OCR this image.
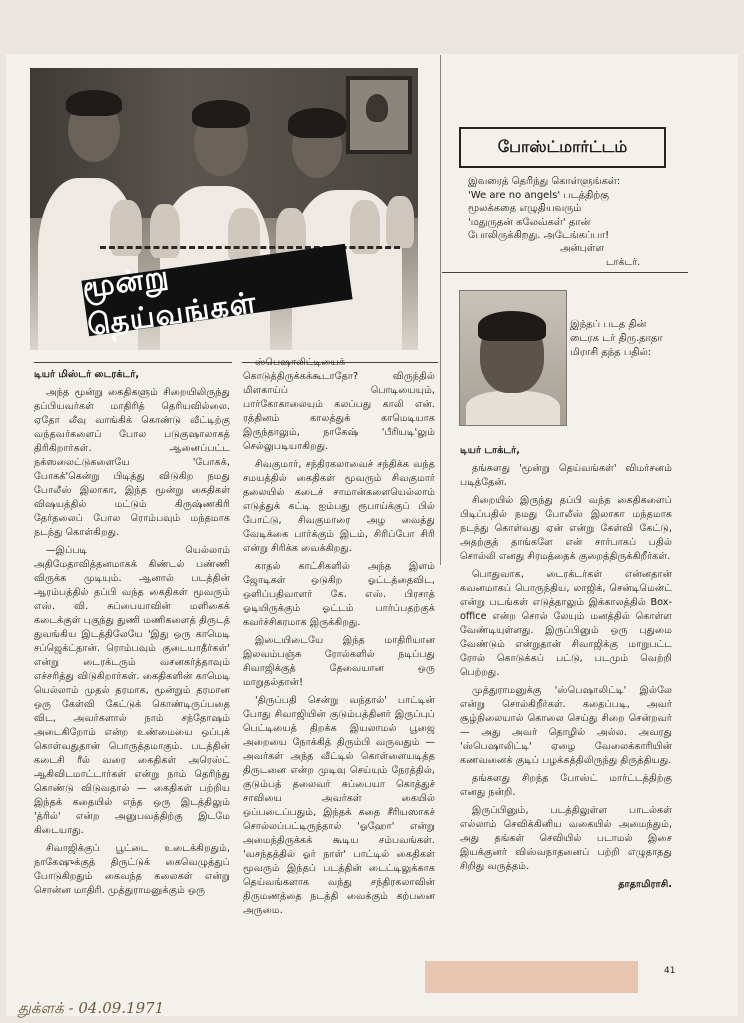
மூன்று தெய்வங்கள்
போஸ்ட்மார்ட்டம்
இவரைத் தெரிந்து கொள்ளுங்கள்:
'We are no angels' படத்திற்கு
மூலக்கதை எழுதியவரும்
'மதுருதன் கலேவ்கள்' தான்
போலிருக்கிறது. அடேங்கப்பா!
அன்புள்ள
டாக்டர்.
இந்தப் படத தின் டைரக டர் திரு.தாதா மிராசி தந்த பதில்:

டியர் மிஸ்டர் டைரக்டர்,

அந்த மூன்று கைதிகளும் சிறையிலிருந்து தப்பியவர்கள் மாதிரித் தெரியவில்லை. ஏதோ லீவு வாங்கிக் கொண்டு வீட்டிற்கு வந்தவர்களைப் போல படுகுஷாலாகத் திரிகிறார்கள். ஆனைப்பட்ட நக்ஸலைட்டுகளையே 'போகக், போகக்'கென்று பிடித்து விடுகிற நமது போலீஸ் இலாகா, இந்த மூன்று கைதிகள் விஷயத்தில் மட்டும் கிருஷ்ணகிரி தேர்தலைப் போல ரொம்பவும் மந்தமாக நடந்து கொள்கிறது.

—இப்படி யெல்லாம் அதிமேதாவித்தனமாகக் கிண்டல் பண்ணி விருக்க முடியும். ஆனால் படத்தின் ஆரம்பத்தில் தப்பி வந்த கைதிகள் மூவரும் எஸ். வி. சுப்பையாவின் மளிகைக் கடைக்குள் புகுந்து துணி மணிகளைத் திருடத் துவங்கிய இடத்திலேயே 'இது ஒரு காமெடி சப்ஜெக்ட்தான். ரொம்பவும் குடையாதீர்கள்' என்று டைரக்டரும் வசனகர்த்தாவும் எச்சரித்து விடுகிறார்கள். கைதிகளின் காமெடி யெல்லாம் முதல் தரமாக, மூன்றும் தரமான ஒரு கேள்வி கேட்டுக் கொண்டிருப்பதை விட, அவர்களால் நாம் சந்தோஷம் அடைகிறோம் என்ற உண்மையை ஒப்புக் கொள்வதுதான் பொருத்தமாகும். படத்தின் கடைசி ரீல் வரை கைதிகள் அரெஸ்ட் ஆகிவிடமாட்டார்கள் என்று நாம் தெரிந்து கொண்டு விடுவதால் — கைதிகள் பற்றிய இந்தக் கதையில் எந்த ஒரு இடத்திலும் 'த்ரில்' என்ற அனுபவத்திற்கு இடமே கிடையாது.

சிவாஜிக்குப் பூட்டை உடைக்கிறதும், நாகேஷுக்குத் திருட்டுக் கைவெழுத்துப் போடுகிறதும் கைவந்த கலைகள் என்று சொன்ன மாதிரி. முத்துராமனுக்கும் ஒரு

ஸ்பெஷாலிட்டியைக் கொடுத்திருக்கக்கூடாதோ? விருந்தில் மிளகாய்ப் பொடியையும், பார்கோகாலையும் கலப்பது காலி என். ரத்தினம் காலத்துக் காமெடியாக இருந்தாலும், நாகேஷ் 'பீரியடி'லும் செல்லுபடியாகிறது.

சிவகுமார், சந்திரகலாவைச் சந்திக்க வந்த சமயத்தில் கைதிகள் மூவரும் சிவகுமார் தலையில் கடைச் சாமான்களையெல்லாம் எடுத்துக் கட்டி ஐம்பது ரூபாய்க்குப் பில் போட்டு, சிவகுமாரை அழ வைத்து வேடிக்கை பார்க்கும் இடம், சிரிப்போ சிரி என்று சிரிக்க வைக்கிறது.

காதல் காட்சிகளில் அந்த இளம் ஜோடிகள் ஒடுகிற ஓட்டத்தைவிட, ஒளிப்பதிவாளர் கே. எஸ். பிரசாத் ஓடியிருக்கும் ஓட்டம் பார்ப்பதற்குக் கவர்ச்சிகரமாக இருக்கிறது.

இடையிடையே இந்த மாதிரியான இலவம்பஞ்சு ரோல்களில் நடிப்பது சிவாஜிக்குத் தேவையான ஒரு மாறுதல்தான்!

'திருப்பதி சென்று வந்தால்' பாட்டின் போது சிவாஜியின் குடும்பத்தினர் இருப்புப் பெட்டியைத் திறக்க இயலாமல் பூஜை அறையை நோக்கித் திரும்பி வருவதும் — அவர்கள் அந்த வீட்டில் கொள்ளையடித்த திருடனை என்ற முடிவு செய்யும் நேரத்தில், குடும்பத் தலைவர் சுப்பையா கொத்துச் சாவியை அவர்கள் கையில் ஒப்படைப்பதும், இந்தக் கதை சீரியஸாகச் சொல்லப்பட்டிருந்தால் 'ஓஹோ' என்று அமைந்திருக்கக் கூடிய சம்பவங்கள். 'வசந்தத்தில் ஓர் நாள்' பாட்டில் கைதிகள் மூவரும் இந்தப் படத்தின் டைட்டிலுக்காக தெய்வங்களாக வந்து சந்திரகலாவின் திருமணத்தை நடத்தி வைக்கும் கற்பனை அருமை.

டியர் டாக்டர்,

தங்களது 'மூன்று தெய்வங்கள்' விமர்சனம் படித்தேன்.

சிறையில் இருந்து தப்பி வந்த கைதிகளைப் பிடிப்பதில் நமது போலீஸ் இலாகா மந்தமாக நடந்து கொள்வது ஏன் என்று கேள்வி கேட்டு, அதற்குத் தாங்களே என் சார்பாகப் பதில் சொல்லி எனது சிரமத்தைக் குறைத்திருக்கிறீர்கள்.

பொதுவாக, டைரக்டர்கள் என்னதான் கவனமாகப் பொருந்திய, லாஜிக், சென்டிமென்ட் என்று படங்கள் எடுத்தாலும் இக்காலத்தில் Box-office என்ற சொல் லேயும் மனத்தில் கொள்ள வேண்டியுள்ளது. இருப்பினும் ஒரு புதுமை வேண்டும் என்றுதான் சிவாஜிக்கு மாறுபட்ட ரோல் கொடுக்கப் பட்டு, படமும் வெற்றி பெற்றது.

முத்துராமனுக்கு 'ஸ்பெஷாலிட்டி' இல்லே என்று சொல்கிறீர்கள். கதைப்படி, அவர் சூழ்நிலையால் கொலை செய்து சிறை சென்றவர் — அது அவர் தொழில் அல்ல. அவரது 'ஸ்பெஷாலிட்டி' ஏழை வேலைக்காரியின் கணவனைக் குடிப் பழக்கத்திலிருந்து திருத்தியது.

தங்களது சிறந்த போஸ்ட் மார்ட்டத்திற்கு எனது நன்றி.

இருப்பினும், படத்திலுள்ள பாடல்கள் எல்லாம் செவிக்கினிய வகையில் அமைந்தும், அது தங்கள் செவியில் படாமல் இசை இயக்குனர் விஸ்வநாதனைப் பற்றி எழுதாதது சிறிது வருத்தம்.

தாதாமிராசி.

41
துக்ளக் - 04.09.1971
